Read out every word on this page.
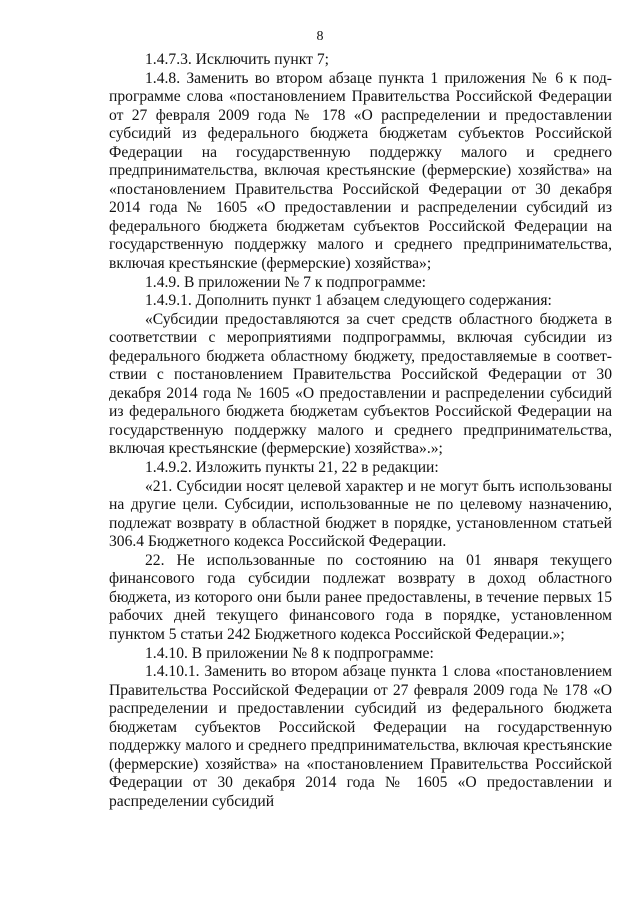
8

1.4.7.3. Исключить пункт 7;

1.4.8. Заменить во втором абзаце пункта 1 приложения № 6 к подпрограмме слова «постановлением Правительства Российской Федерации от 27 февраля 2009 года № 178 «О распределении и предоставлении субсидий из федерального бюджета бюджетам субъектов Российской Федерации на государственную поддержку малого и среднего предпринимательства, включая крестьянские (фермерские) хозяйства» на «постановлением Правительства Российской Федерации от 30 декабря 2014 года № 1605 «О предоставлении и распределении субсидий из федерального бюджета бюджетам субъектов Российской Федерации на государственную поддержку малого и среднего предпринимательства, включая крестьянские (фермерские) хозяйства»;

1.4.9. В приложении № 7 к подпрограмме:

1.4.9.1. Дополнить пункт 1 абзацем следующего содержания:

«Субсидии предоставляются за счет средств областного бюджета в соответствии с мероприятиями подпрограммы, включая субсидии из федерального бюджета областному бюджету, предоставляемые в соответствии с постановлением Правительства Российской Федерации от 30 декабря 2014 года № 1605 «О предоставлении и распределении субсидий из федерального бюджета бюджетам субъектов Российской Федерации на государственную поддержку малого и среднего предпринимательства, включая крестьянские (фермерские) хозяйства».»;

1.4.9.2. Изложить пункты 21, 22 в редакции:

«21. Субсидии носят целевой характер и не могут быть использованы на другие цели. Субсидии, использованные не по целевому назначению, подлежат возврату в областной бюджет в порядке, установленном статьей 306.4 Бюджетного кодекса Российской Федерации.

22. Не использованные по состоянию на 01 января текущего финансового года субсидии подлежат возврату в доход областного бюджета, из которого они были ранее предоставлены, в течение первых 15 рабочих дней текущего финансового года в порядке, установленном пунктом 5 статьи 242 Бюджетного кодекса Российской Федерации.»;

1.4.10. В приложении № 8 к подпрограмме:

1.4.10.1. Заменить во втором абзаце пункта 1 слова «постановлением Правительства Российской Федерации от 27 февраля 2009 года № 178 «О распределении и предоставлении субсидий из федерального бюджета бюджетам субъектов Российской Федерации на государственную поддержку малого и среднего предпринимательства, включая крестьянские (фермерские) хозяйства» на «постановлением Правительства Российской Федерации от 30 декабря 2014 года № 1605 «О предоставлении и распределении субсидий
